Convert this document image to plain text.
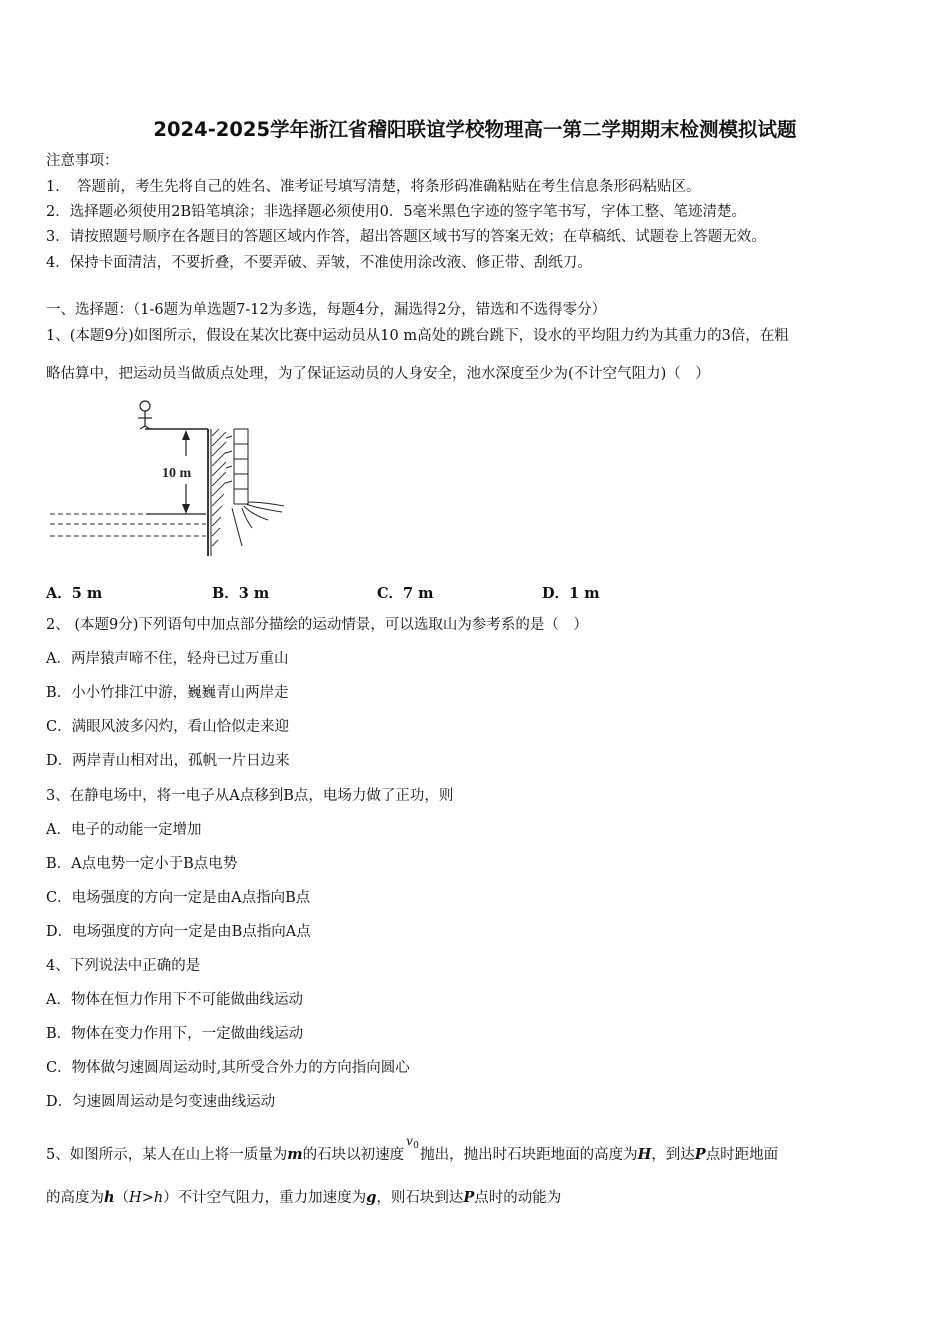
2024-2025学年浙江省稽阳联谊学校物理高一第二学期期末检测模拟试题
注意事项：
1．　答题前，考生先将自己的姓名、准考证号填写清楚，将条形码准确粘贴在考生信息条形码粘贴区。
2．选择题必须使用2B铅笔填涂；非选择题必须使用0．5毫米黑色字迹的签字笔书写，字体工整、笔迹清楚。
3．请按照题号顺序在各题目的答题区域内作答，超出答题区域书写的答案无效；在草稿纸、试题卷上答题无效。
4．保持卡面清洁，不要折叠，不要弄破、弄皱，不准使用涂改液、修正带、刮纸刀。
一、选择题：（1-6题为单选题7-12为多选，每题4分，漏选得2分，错选和不选得零分）
1、(本题9分)如图所示，假设在某次比赛中运动员从10 m高处的跳台跳下，设水的平均阻力约为其重力的3倍，在粗
略估算中，把运动员当做质点处理，为了保证运动员的人身安全，池水深度至少为(不计空气阻力)（　）
10 m
A．5 m	B．3 m	C．7 m	D．1 m
2、 (本题9分)下列语句中加点部分描绘的运动情景，可以选取山为参考系的是（　）
A．两岸猿声啼不住，轻舟已过万重山
B．小小竹排江中游，巍巍青山两岸走
C．满眼风波多闪灼，看山恰似走来迎
D．两岸青山相对出，孤帆一片日边来
3、在静电场中，将一电子从A点移到B点，电场力做了正功，则
A．电子的动能一定增加
B．A点电势一定小于B点电势
C．电场强度的方向一定是由A点指向B点
D．电场强度的方向一定是由B点指向A点
4、下列说法中正确的是
A．物体在恒力作用下不可能做曲线运动
B．物体在变力作用下，一定做曲线运动
C．物体做匀速圆周运动时,其所受合外力的方向指向圆心
D．匀速圆周运动是匀变速曲线运动
5、如图所示，某人在山上将一质量为m的石块以初速度
v 0
抛出，抛出时石块距地面的高度为H，到达P点时距地面
的高度为h（H>h）不计空气阻力，重力加速度为g，则石块到达P点时的动能为
